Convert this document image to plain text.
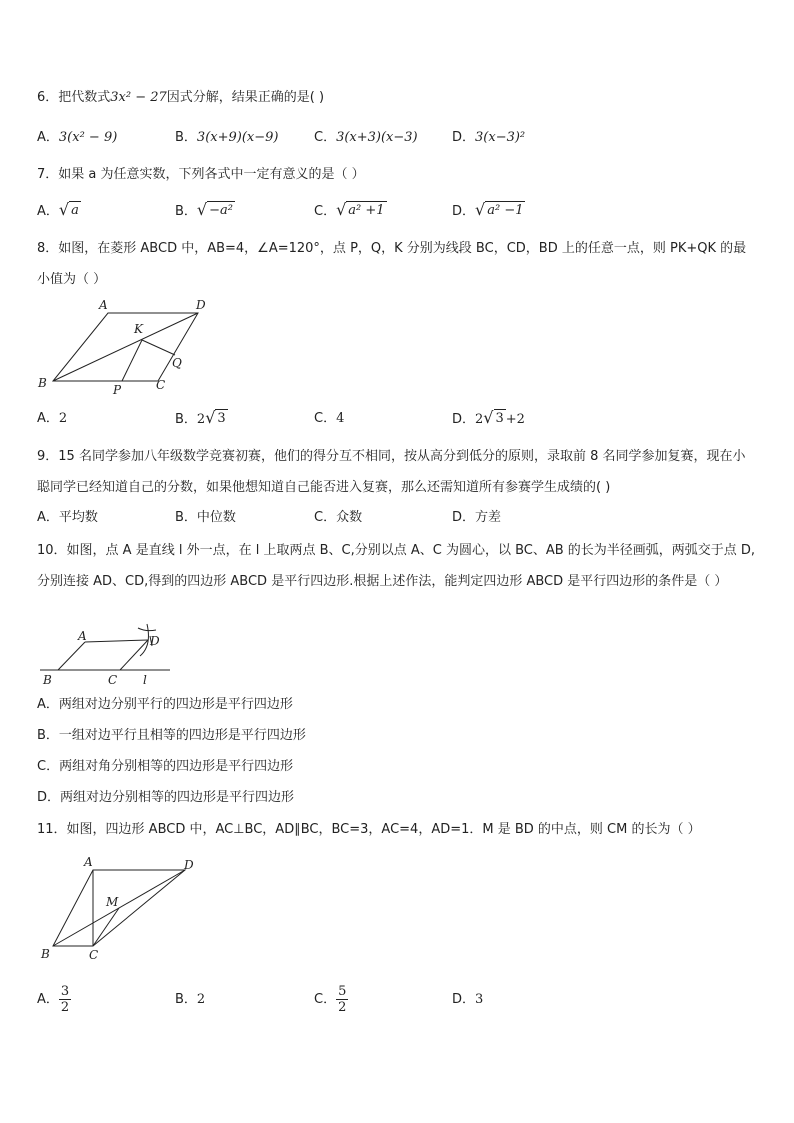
6．把代数式3x² − 27因式分解，结果正确的是( )
A．3(x² − 9)	B．3(x+9)(x−9)	C．3(x+3)(x−3)	D．3(x−3)²
7．如果 a 为任意实数，下列各式中一定有意义的是（ ）
A． √ a	B． √ −a²	C． √ a² +1	D． √ a² −1
8．如图，在菱形 ABCD 中，AB=4，∠A=120°，点 P，Q，K 分别为线段 BC，CD，BD 上的任意一点，则 PK+QK 的最小值为（ ）
A	D
K
Q
B	P	C
A．2	B．2 √ 3	C．4	D．2 √ 3 +2
9．15 名同学参加八年级数学竞赛初赛，他们的得分互不相同，按从高分到低分的原则，录取前 8 名同学参加复赛，现在小聪同学已经知道自己的分数，如果他想知道自己能否进入复赛，那么还需知道所有参赛学生成绩的( )
A．平均数	B．中位数	C．众数	D．方差
10．如图，点 A 是直线 l 外一点，在 l 上取两点 B、C,分别以点 A、C 为圆心，以 BC、AB 的长为半径画弧，两弧交于点 D,分别连接 AD、CD,得到的四边形 ABCD 是平行四边形.根据上述作法，能判定四边形 ABCD 是平行四边形的条件是（ ）
A	D
B	C l
A．两组对边分别平行的四边形是平行四边形
B．一组对边平行且相等的四边形是平行四边形
C．两组对角分别相等的四边形是平行四边形
D．两组对边分别相等的四边形是平行四边形
11．如图，四边形 ABCD 中，AC⊥BC，AD∥BC，BC=3，AC=4，AD=1．M 是 BD 的中点，则 CM 的长为（ ）
A	D
M
B	C
A． $\frac{3}{2}$	B．2	C． $\frac{5}{2}$	D．3
